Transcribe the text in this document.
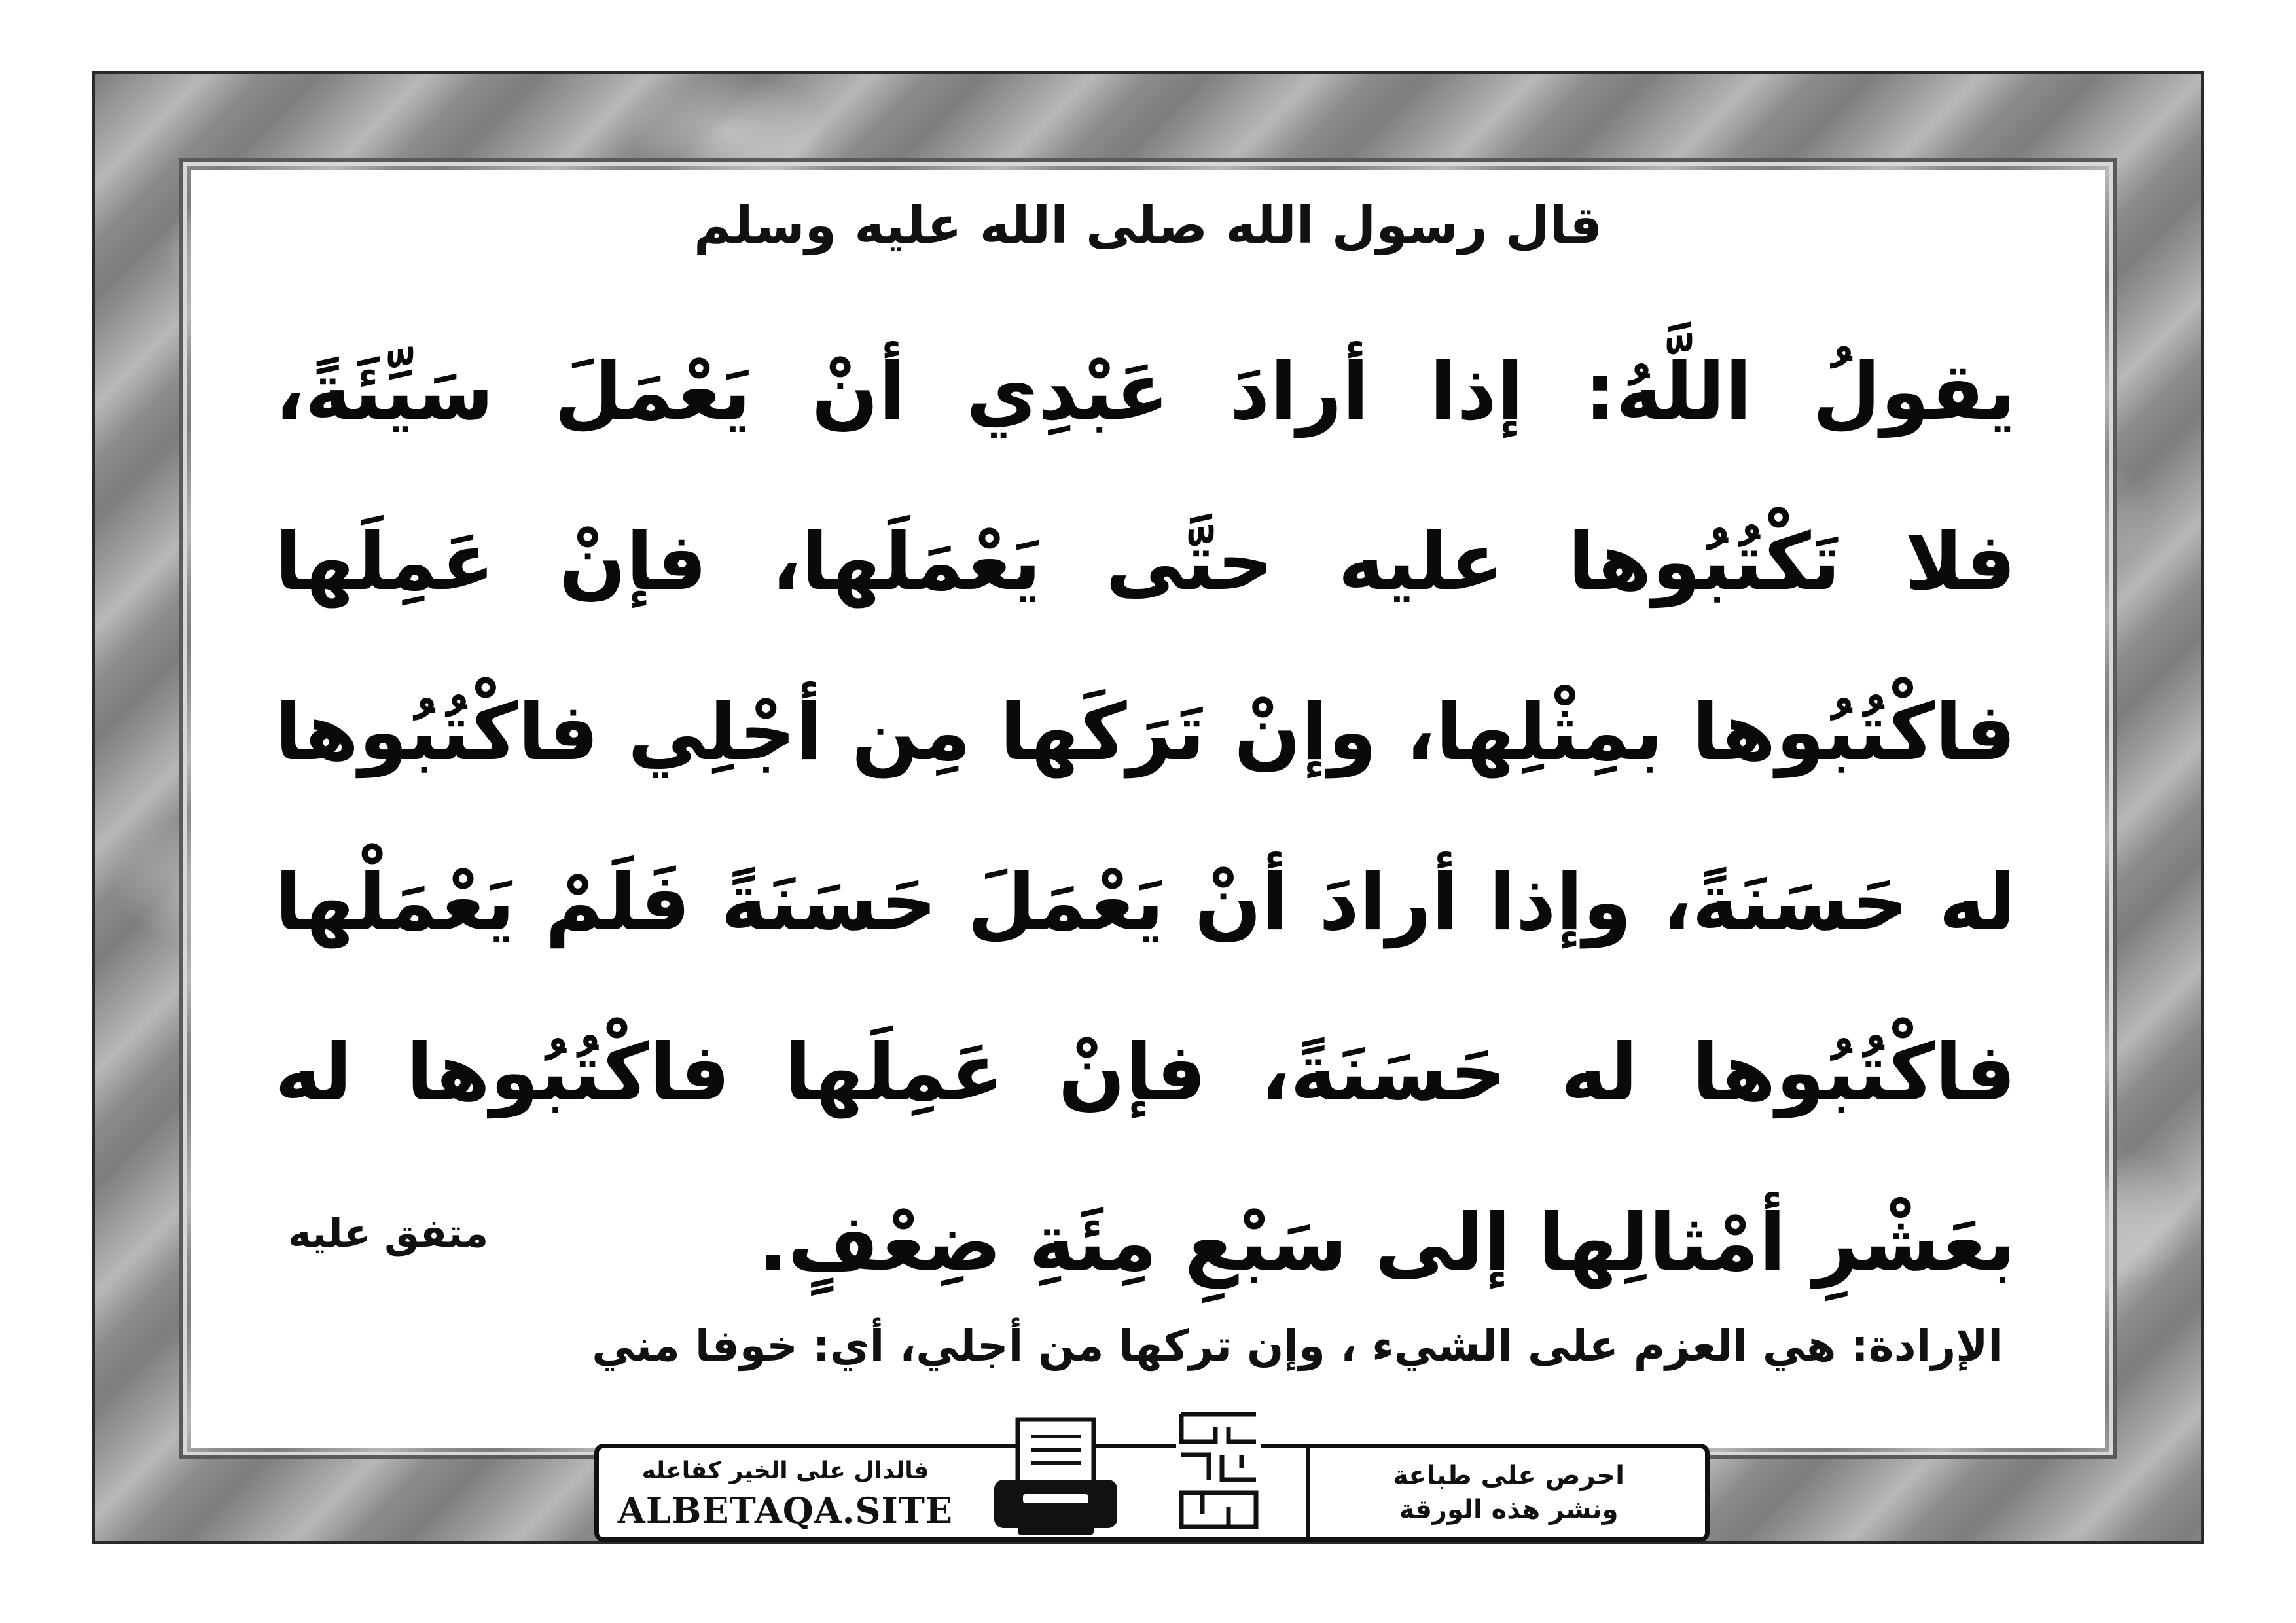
قال رسول الله صلى الله عليه وسلم
يقولُ اللَّهُ: إذا أرادَ عَبْدِي أنْ يَعْمَلَ سَيِّئَةً،
فلا تَكْتُبُوها عليه حتَّى يَعْمَلَها، فإنْ عَمِلَها
فاكْتُبُوها بمِثْلِها، وإنْ تَرَكَها مِن أجْلِي فاكْتُبُوها
له حَسَنَةً، وإذا أرادَ أنْ يَعْمَلَ حَسَنَةً فَلَمْ يَعْمَلْها
فاكْتُبُوها له حَسَنَةً، فإنْ عَمِلَها فاكْتُبُوها له
بعَشْرِ أمْثالِها إلى سَبْعِ مِئَةِ ضِعْفٍ.
متفق عليه
الإرادة: هي العزم على الشيء ، وإن تركها من أجلي، أي: خوفا مني
فالدال على الخير كفاعله
ALBETAQA.SITE
احرص على طباعة
ونشر هذه الورقة
